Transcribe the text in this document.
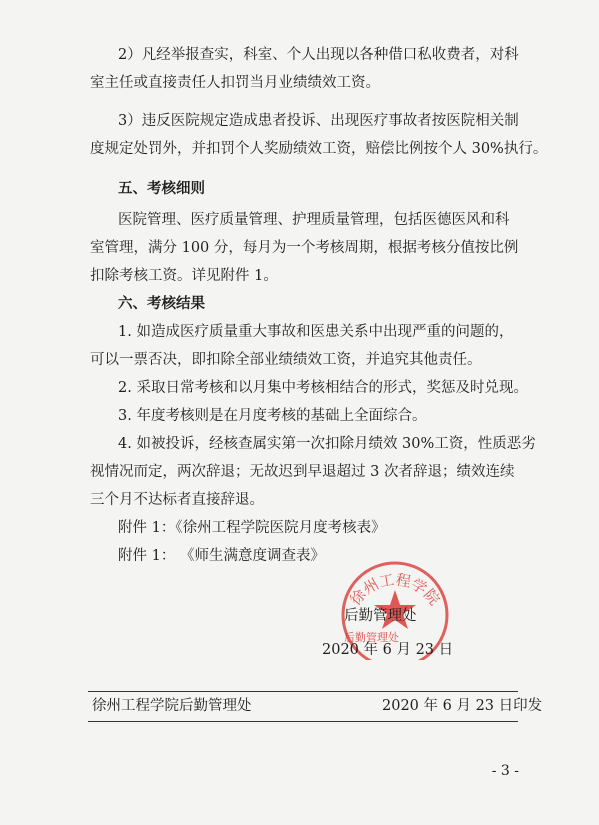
2）凡经举报查实，科室、个人出现以各种借口私收费者，对科
室主任或直接责任人扣罚当月业绩绩效工资。
3）违反医院规定造成患者投诉、出现医疗事故者按医院相关制
度规定处罚外，并扣罚个人奖励绩效工资，赔偿比例按个人 30%执行。
五、考核细则
医院管理、医疗质量管理、护理质量管理，包括医德医风和科
室管理，满分 100 分，每月为一个考核周期，根据考核分值按比例
扣除考核工资。详见附件 1。
六、考核结果
1. 如造成医疗质量重大事故和医患关系中出现严重的问题的，
可以一票否决，即扣除全部业绩绩效工资，并追究其他责任。
2. 采取日常考核和以月集中考核相结合的形式，奖惩及时兑现。
3. 年度考核则是在月度考核的基础上全面综合。
4. 如被投诉，经核查属实第一次扣除月绩效 30%工资，性质恶劣
视情况而定，两次辞退；无故迟到早退超过 3 次者辞退；绩效连续
三个月不达标者直接辞退。
附件 1：《徐州工程学院医院月度考核表》
附件 1： 《师生满意度调查表》
徐州工程学院
后勤管理处
后勤管理处
2020 年 6 月 23 日
徐州工程学院后勤管理处	2020 年 6 月 23 日印发
- 3 -
